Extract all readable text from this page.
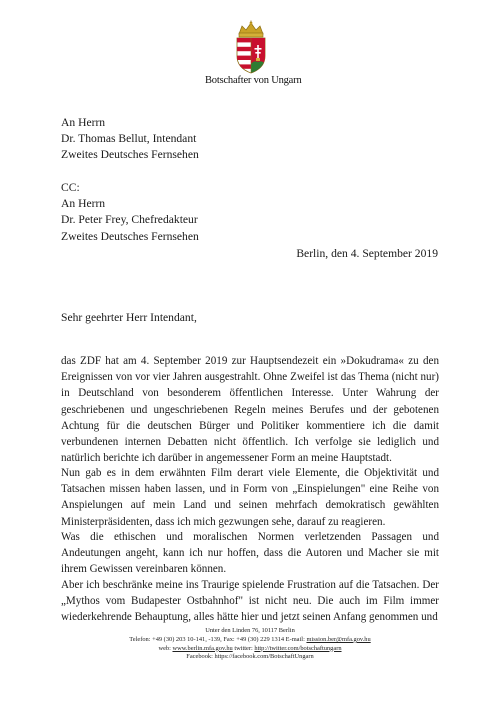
Botschafter von Ungarn
An Herrn
Dr. Thomas Bellut, Intendant
Zweites Deutsches Fernsehen
CC:
An Herrn
Dr. Peter Frey, Chefredakteur
Zweites Deutsches Fernsehen
Berlin, den 4. September 2019
Sehr geehrter Herr Intendant,

das ZDF hat am 4. September 2019 zur Hauptsendezeit ein »Dokudrama« zu den Ereignissen von vor vier Jahren ausgestrahlt. Ohne Zweifel ist das Thema (nicht nur) in Deutschland von besonderem öffentlichen Interesse. Unter Wahrung der geschriebenen und ungeschriebenen Regeln meines Berufes und der gebotenen Achtung für die deutschen Bürger und Politiker kommentiere ich die damit verbundenen internen Debatten nicht öffentlich. Ich verfolge sie lediglich und natürlich berichte ich darüber in angemessener Form an meine Hauptstadt.

Nun gab es in dem erwähnten Film derart viele Elemente, die Objektivität und Tatsachen missen haben lassen, und in Form von „Einspielungen" eine Reihe von Anspielungen auf mein Land und seinen mehrfach demokratisch gewählten Ministerpräsidenten, dass ich mich gezwungen sehe, darauf zu reagieren.

Was die ethischen und moralischen Normen verletzenden Passagen und Andeutungen angeht, kann ich nur hoffen, dass die Autoren und Macher sie mit ihrem Gewissen vereinbaren können.

Aber ich beschränke meine ins Traurige spielende Frustration auf die Tatsachen. Der „Mythos vom Budapester Ostbahnhof" ist nicht neu. Die auch im Film immer wiederkehrende Behauptung, alles hätte hier und jetzt seinen Anfang genommen und

Unter den Linden 76, 10117 Berlin
Telefon: +49 (30) 203 10-141, -139, Fax: +49 (30) 229 1314 E-mail: mission.ber@mfa.gov.hu
web: www.berlin.mfa.gov.hu twitter: http://twitter.com/botschaftungarn
Facebook: https://facebook.com/BotschaftUngarn
